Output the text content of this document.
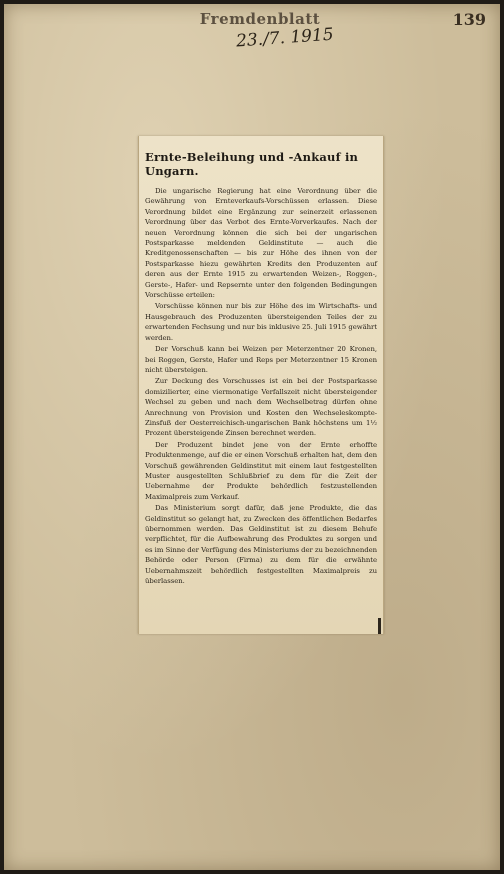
Fremdenblatt	139
23./7. 1915
Ernte-Beleihung und -Ankauf in Ungarn.

Die ungarische Regierung hat eine Verordnung über die Gewährung von Ernteverkaufs-Vorschüssen erlassen. Diese Verordnung bildet eine Ergänzung zur seinerzeit erlassenen Verordnung über das Verbot des Ernte-Vorverkaufes. Nach der neuen Verordnung können die sich bei der ungarischen Postsparkasse meldenden Geldinstitute — auch die Kreditgenossenschaften — bis zur Höhe des ihnen von der Postsparkasse hiezu gewährten Kredits den Produzenten auf deren aus der Ernte 1915 zu erwartenden Weizen-, Roggen-, Gerste-, Hafer- und Repsernte unter den folgenden Bedingungen Vorschüsse erteilen:

Vorschüsse können nur bis zur Höhe des im Wirtschafts- und Hausgebrauch des Produzenten übersteigenden Teiles der zu erwartenden Fechsung und nur bis inklusive 25. Juli 1915 gewährt werden.

Der Vorschuß kann bei Weizen per Meterzentner 20 Kronen, bei Roggen, Gerste, Hafer und Reps per Meterzentner 15 Kronen nicht übersteigen.

Zur Deckung des Vorschusses ist ein bei der Postsparkasse domizilierter, eine viermonatige Verfallszeit nicht übersteigender Wechsel zu geben und nach dem Wechselbetrag dürfen ohne Anrechnung von Provision und Kosten den Wechseleskompte-Zinsfuß der Oesterreichisch-ungarischen Bank höchstens um 1½ Prozent übersteigende Zinsen berechnet werden.

Der Produzent bindet jene von der Ernte erhoffte Produktenmenge, auf die er einen Vorschuß erhalten hat, dem den Vorschuß gewährenden Geldinstitut mit einem laut festgestellten Muster ausgestellten Schlußbrief zu dem für die Zeit der Uebernahme der Produkte behördlich festzustellenden Maximalpreis zum Verkauf.

Das Ministerium sorgt dafür, daß jene Produkte, die das Geldinstitut so gelangt hat, zu Zwecken des öffentlichen Bedarfes übernommen werden. Das Geldinstitut ist zu diesem Behufe verpflichtet, für die Aufbewahrung des Produktes zu sorgen und es im Sinne der Verfügung des Ministeriums der zu bezeichnenden Behörde oder Person (Firma) zu dem für die erwähnte Uebernahmszeit behördlich festgestellten Maximalpreis zu überlassen.
